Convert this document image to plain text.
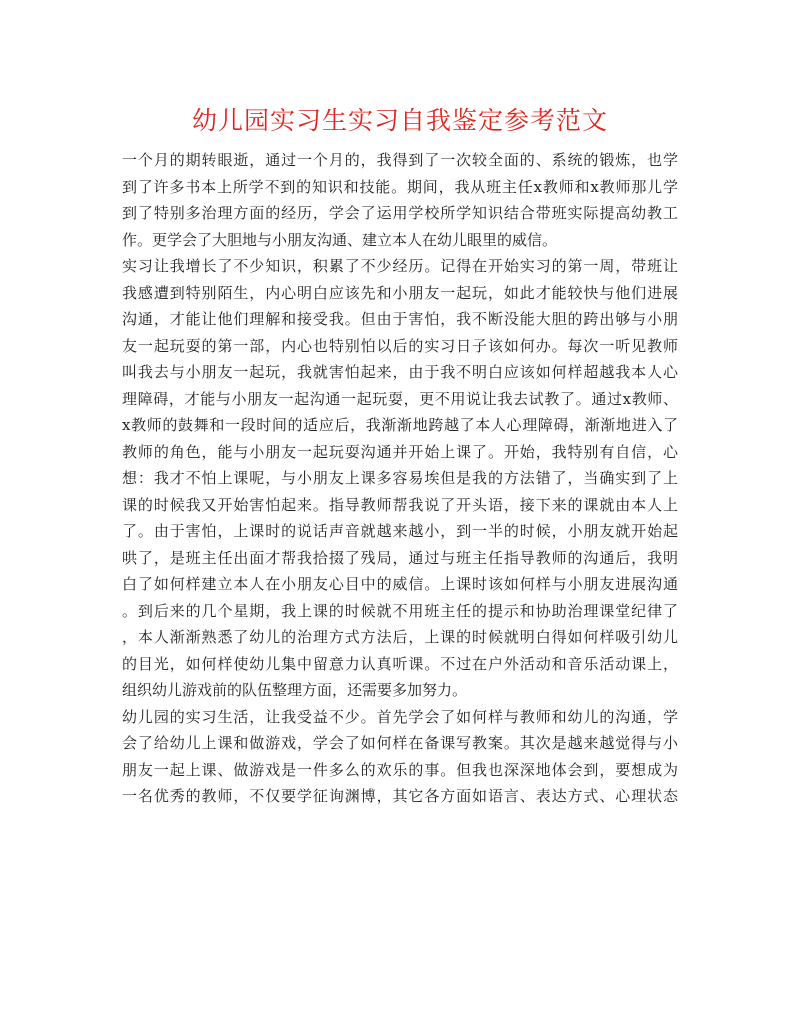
幼儿园实习生实习自我鉴定参考范文
一个月的期转眼逝，通过一个月的，我得到了一次较全面的、系统的锻炼，也学
到了许多书本上所学不到的知识和技能。期间，我从班主任x教师和x教师那儿学
到了特别多治理方面的经历，学会了运用学校所学知识结合带班实际提高幼教工
作。更学会了大胆地与小朋友沟通、建立本人在幼儿眼里的威信。
实习让我增长了不少知识，积累了不少经历。记得在开始实习的第一周，带班让
我感遭到特别陌生，内心明白应该先和小朋友一起玩，如此才能较快与他们进展
沟通，才能让他们理解和接受我。但由于害怕，我不断没能大胆的跨出够与小朋
友一起玩耍的第一部，内心也特别怕以后的实习日子该如何办。每次一听见教师
叫我去与小朋友一起玩，我就害怕起来，由于我不明白应该如何样超越我本人心
理障碍，才能与小朋友一起沟通一起玩耍，更不用说让我去试教了。通过x教师、
x教师的鼓舞和一段时间的适应后，我渐渐地跨越了本人心理障碍，渐渐地进入了
教师的角色，能与小朋友一起玩耍沟通并开始上课了。开始，我特别有自信，心
想：我才不怕上课呢，与小朋友上课多容易埃但是我的方法错了，当确实到了上
课的时候我又开始害怕起来。指导教师帮我说了开头语，接下来的课就由本人上
了。由于害怕，上课时的说话声音就越来越小，到一半的时候，小朋友就开始起
哄了，是班主任出面才帮我拾掇了残局，通过与班主任指导教师的沟通后，我明
白了如何样建立本人在小朋友心目中的威信。上课时该如何样与小朋友进展沟通
。到后来的几个星期，我上课的时候就不用班主任的提示和协助治理课堂纪律了
，本人渐渐熟悉了幼儿的治理方式方法后，上课的时候就明白得如何样吸引幼儿
的目光，如何样使幼儿集中留意力认真听课。不过在户外活动和音乐活动课上，
组织幼儿游戏前的队伍整理方面，还需要多加努力。
幼儿园的实习生活，让我受益不少。首先学会了如何样与教师和幼儿的沟通，学
会了给幼儿上课和做游戏，学会了如何样在备课写教案。其次是越来越觉得与小
朋友一起上课、做游戏是一件多么的欢乐的事。但我也深深地体会到，要想成为
一名优秀的教师，不仅要学征询渊博，其它各方面如语言、表达方式、心理状态
